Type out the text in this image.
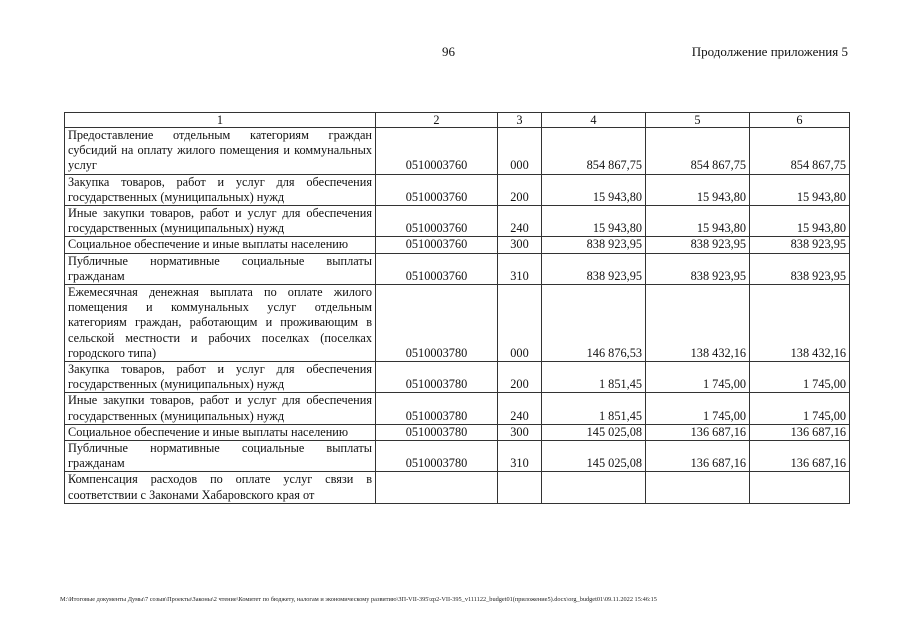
96	Продолжение приложения 5
1	2	3	4	5	6
Предоставление отдельным категориям граждан субсидий на оплату жилого помещения и коммунальных услуг	0510003760	000	854 867,75	854 867,75	854 867,75
Закупка товаров, работ и услуг для обеспечения государственных (муниципальных) нужд	0510003760	200	15 943,80	15 943,80	15 943,80
Иные закупки товаров, работ и услуг для обеспечения государственных (муниципальных) нужд	0510003760	240	15 943,80	15 943,80	15 943,80
Социальное обеспечение и иные выплаты населению	0510003760	300	838 923,95	838 923,95	838 923,95
Публичные нормативные социальные выплаты гражданам	0510003760	310	838 923,95	838 923,95	838 923,95
Ежемесячная денежная выплата по оплате жилого помещения и коммунальных услуг отдельным категориям граждан, работающим и проживающим в сельской местности и рабочих поселках (поселках городского типа)	0510003780	000	146 876,53	138 432,16	138 432,16
Закупка товаров, работ и услуг для обеспечения государственных (муниципальных) нужд	0510003780	200	1 851,45	1 745,00	1 745,00
Иные закупки товаров, работ и услуг для обеспечения государственных (муниципальных) нужд	0510003780	240	1 851,45	1 745,00	1 745,00
Социальное обеспечение и иные выплаты населению	0510003780	300	145 025,08	136 687,16	136 687,16
Публичные нормативные социальные выплаты гражданам	0510003780	310	145 025,08	136 687,16	136 687,16
Компенсация расходов по оплате услуг связи в соответствии с Законами Хабаровского края от					
M:\Итоговые документы Думы\7 созыв\Проекты\Законы\2 чтение\Комитет по бюджету, налогам и экономическому развитию\ЗП-VII-395\zp2-VII-395_v111122_budget01(приложение5).docx\org_budget01\09.11.2022 15:46:15
